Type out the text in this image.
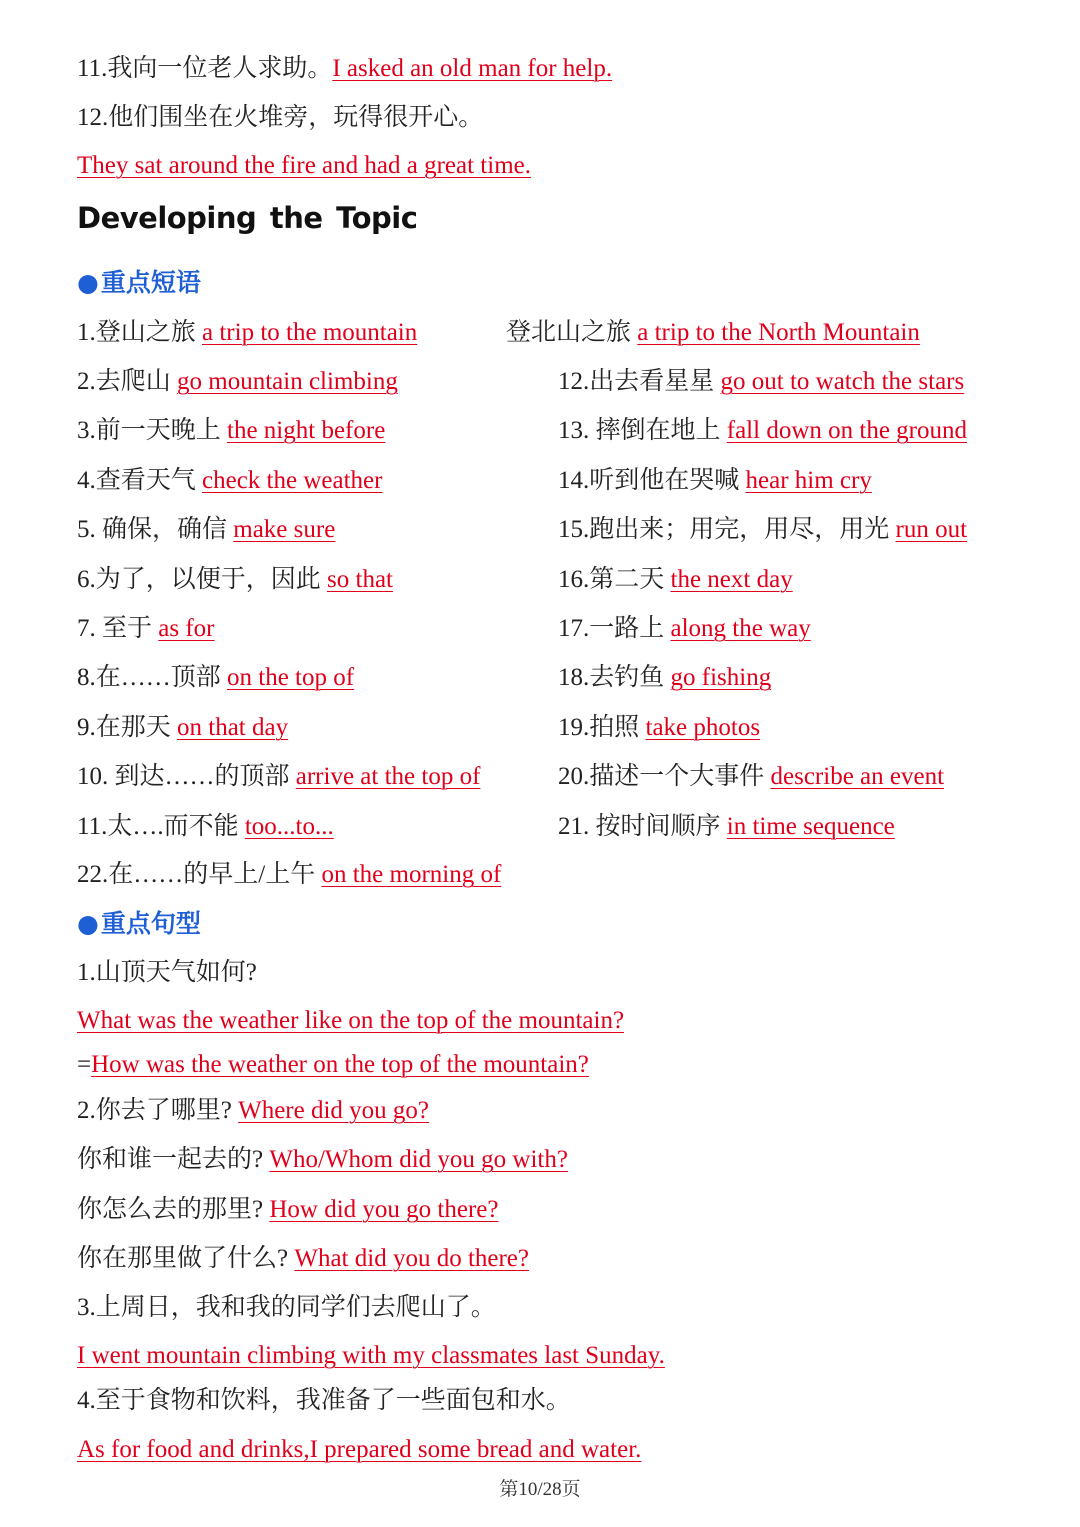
11.我向一位老人求助。I asked an old man for help.
12.他们围坐在火堆旁，玩得很开心。
They sat around the fire and had a great time.
Developing the Topic
●重点短语
1.登山之旅 a trip to the mountain
2.去爬山 go mountain climbing
3.前一天晚上 the night before
4.查看天气 check the weather
5. 确保，确信 make sure
6.为了，以便于，因此 so that
7. 至于 as for
8.在……顶部 on the top of
9.在那天 on that day
10. 到达……的顶部 arrive at the top of
11.太….而不能 too...to...
22.在……的早上/上午 on the morning of
登北山之旅 a trip to the North Mountain
12.出去看星星 go out to watch the stars
13. 摔倒在地上 fall down on the ground
14.听到他在哭喊 hear him cry
15.跑出来；用完，用尽，用光 run out
16.第二天 the next day
17.一路上 along the way
18.去钓鱼 go fishing
19.拍照 take photos
20.描述一个大事件 describe an event
21. 按时间顺序 in time sequence
●重点句型
1.山顶天气如何?
What was the weather like on the top of the mountain?
=How was the weather on the top of the mountain?
2.你去了哪里? Where did you go?
你和谁一起去的? Who/Whom did you go with?
你怎么去的那里? How did you go there?
你在那里做了什么? What did you do there?
3.上周日，我和我的同学们去爬山了。
I went mountain climbing with my classmates last Sunday.
4.至于食物和饮料，我准备了一些面包和水。
As for food and drinks,I prepared some bread and water.
第10/28页
